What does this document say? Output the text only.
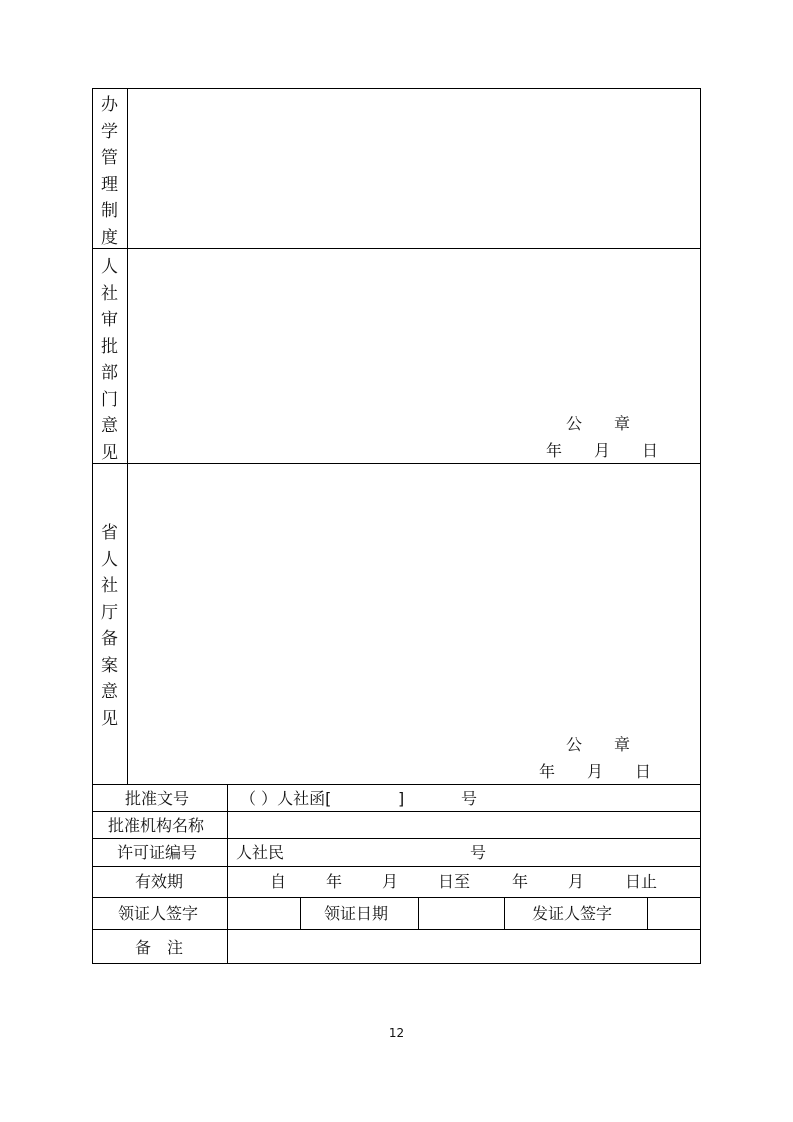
办
学
管
理
制
度
人
社
审
批
部
门
意
见
公　　章
年　　月　　日
省
人
社
厅
备
案
意
见
公　　章
年　　月　　日
批准文号	（ ）人社函[	]	号
批准机构名称
许可证编号 人社民	号
有效期	自 年 月 日至	年 月	日止
领证人签字	领证日期	发证人签字
备　注
12
